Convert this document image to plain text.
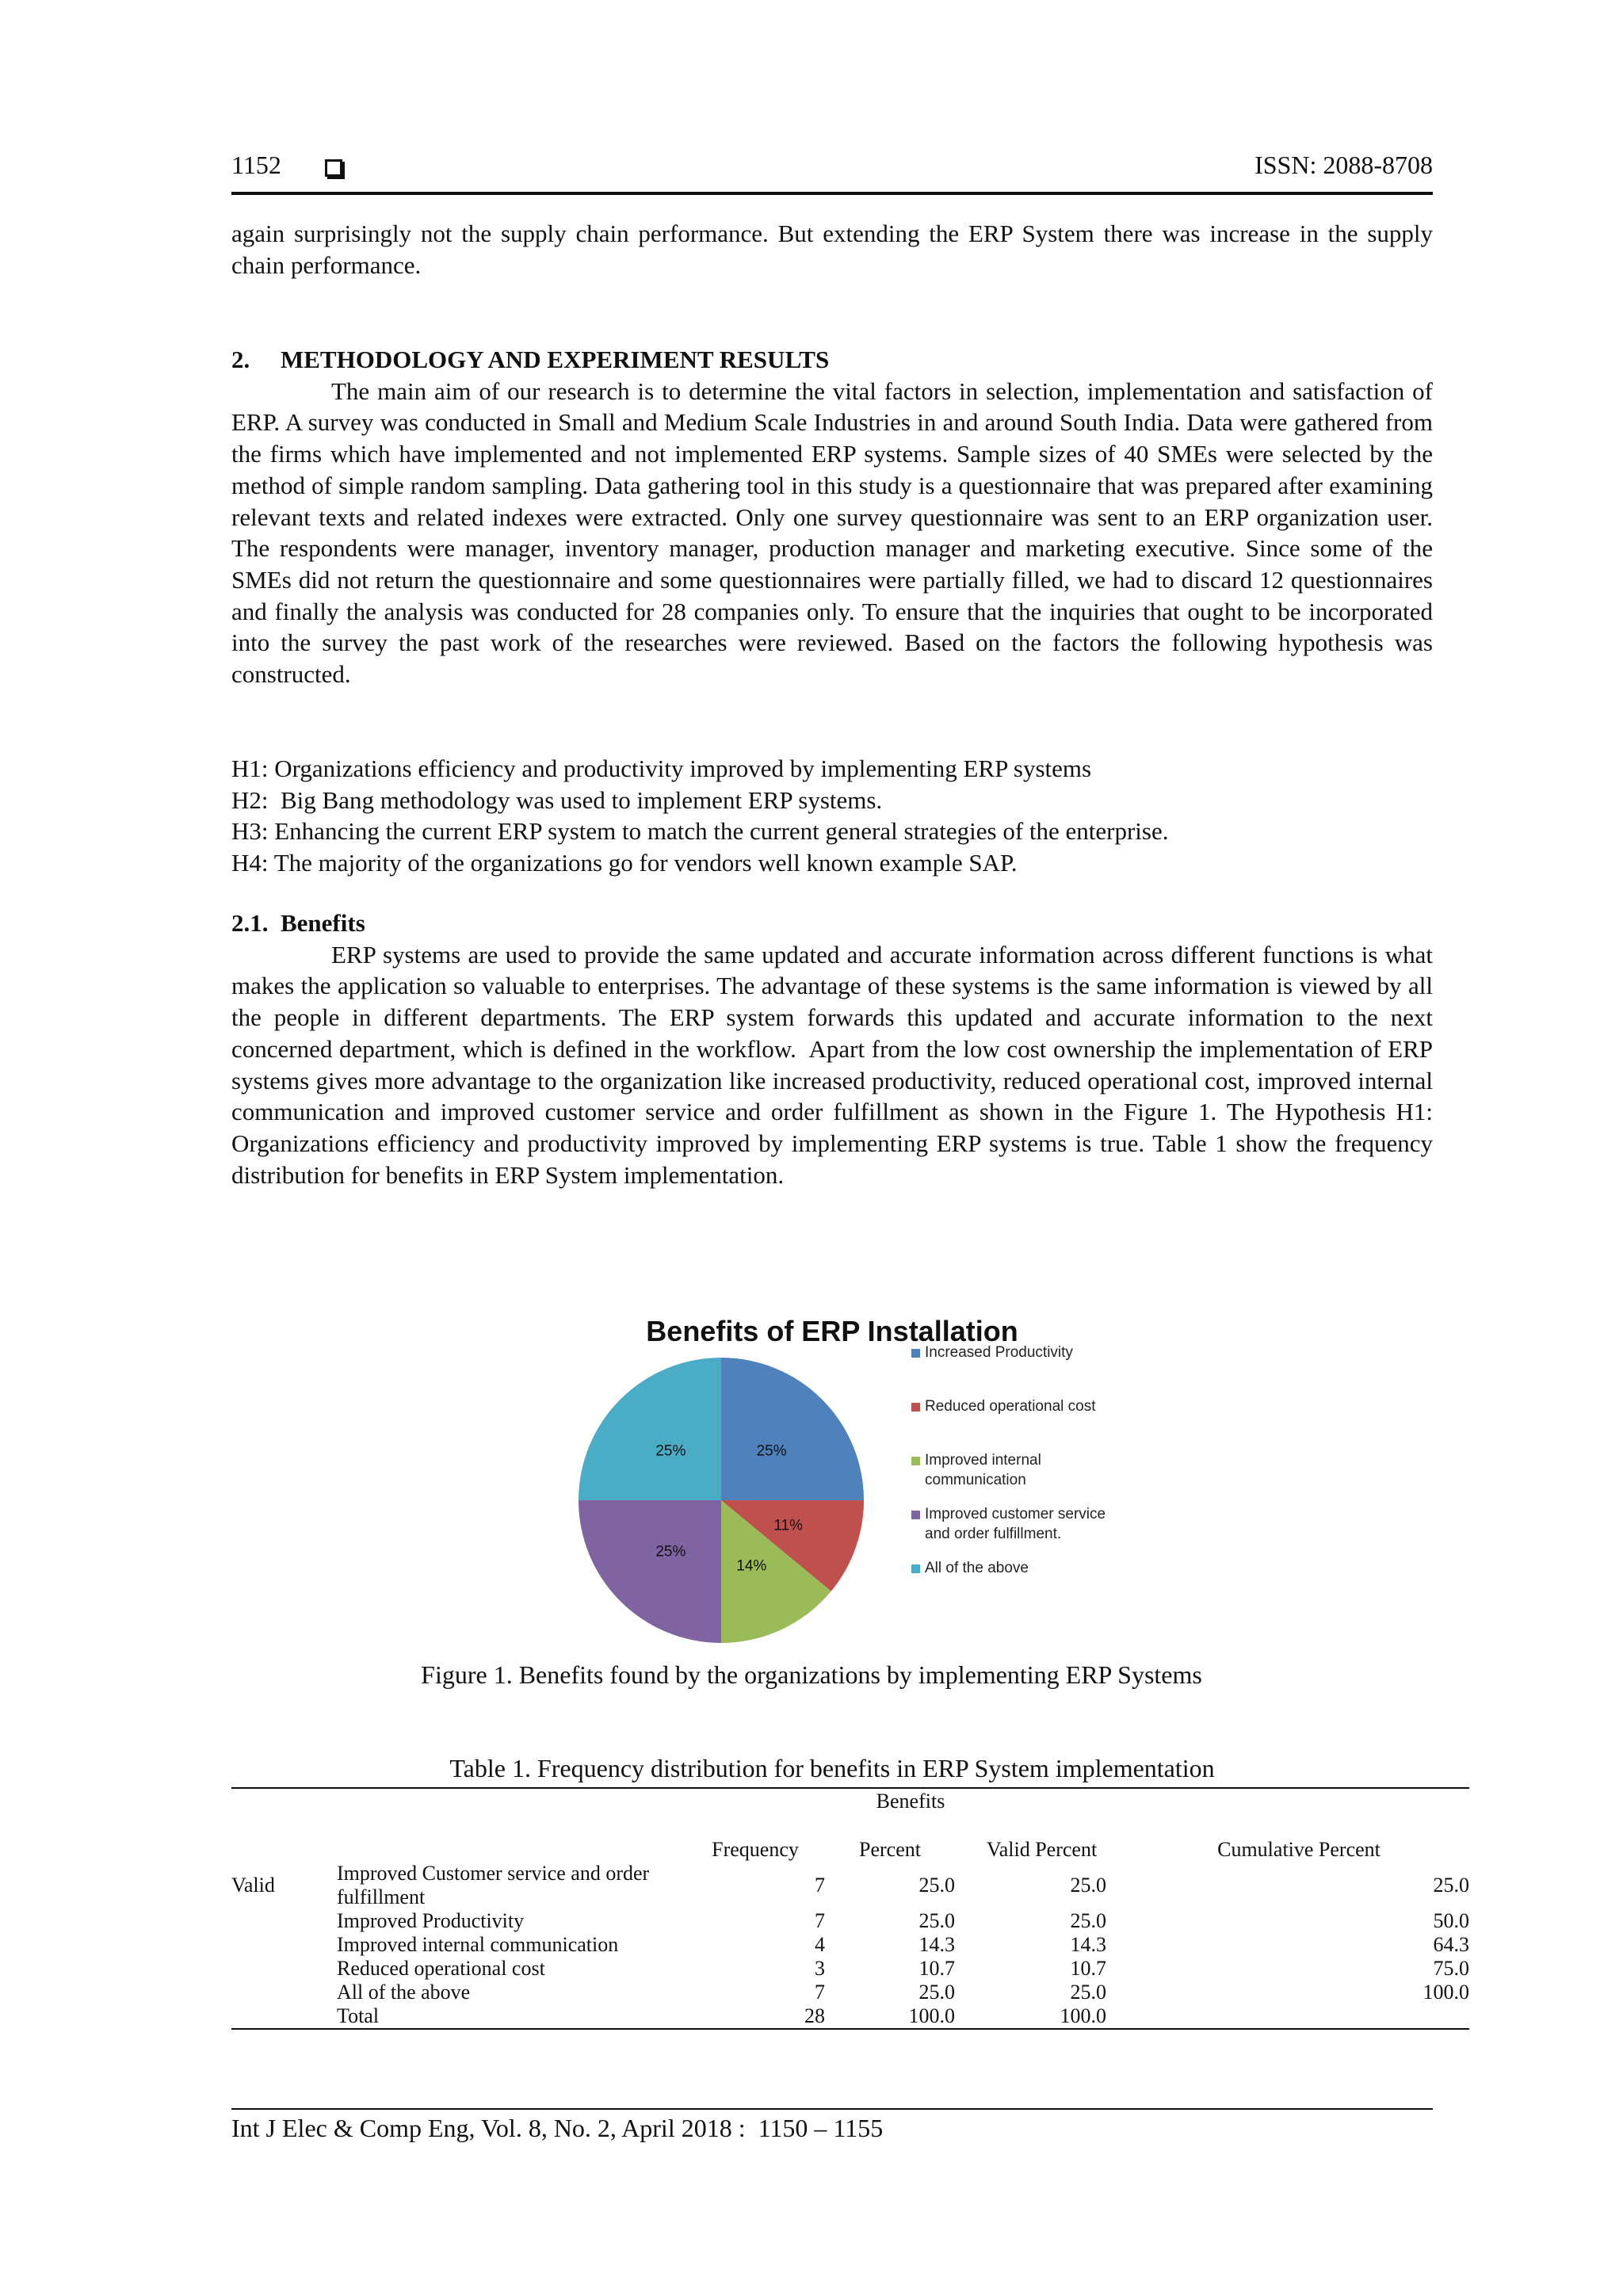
1152	ISSN: 2088-8708

again surprisingly not the supply chain performance. But extending the ERP System there was increase in the supply chain performance.

2.     METHODOLOGY AND EXPERIMENT RESULTS

The main aim of our research is to determine the vital factors in selection, implementation and satisfaction of ERP. A survey was conducted in Small and Medium Scale Industries in and around South India. Data were gathered from the firms which have implemented and not implemented ERP systems. Sample sizes of 40 SMEs were selected by the method of simple random sampling. Data gathering tool in this study is a questionnaire that was prepared after examining relevant texts and related indexes were extracted. Only one survey questionnaire was sent to an ERP organization user. The respondents were manager, inventory manager, production manager and marketing executive. Since some of the SMEs did not return the questionnaire and some questionnaires were partially filled, we had to discard 12 questionnaires and finally the analysis was conducted for 28 companies only. To ensure that the inquiries that ought to be incorporated into the survey the past work of the researches were reviewed. Based on the factors the following hypothesis was constructed.

H1: Organizations efficiency and productivity improved by implementing ERP systems

H2:  Big Bang methodology was used to implement ERP systems.

H3: Enhancing the current ERP system to match the current general strategies of the enterprise.

H4: The majority of the organizations go for vendors well known example SAP.

2.1.  Benefits

ERP systems are used to provide the same updated and accurate information across different functions is what makes the application so valuable to enterprises. The advantage of these systems is the same information is viewed by all the people in different departments. The ERP system forwards this updated and accurate information to the next concerned department, which is defined in the workflow.  Apart from the low cost ownership the implementation of ERP systems gives more advantage to the organization like increased productivity, reduced operational cost, improved internal communication and improved customer service and order fulfillment as shown in the Figure 1. The Hypothesis H1: Organizations efficiency and productivity improved by implementing ERP systems is true. Table 1 show the frequency distribution for benefits in ERP System implementation.

Benefits of ERP Installation
25%
11%
14%
25%
25%
Increased Productivity
Reduced operational cost
Improved internal
communication
Improved customer service
and order fulfillment.
All of the above
Figure 1. Benefits found by the organizations by implementing ERP Systems
Table 1. Frequency distribution for benefits in ERP System implementation

		Benefits			

		Frequency	Percent	Valid Percent	Cumulative Percent
Valid	Improved Customer service and order fulfillment	7	25.0	25.0	25.0
	Improved Productivity	7	25.0	25.0	50.0
	Improved internal communication	4	14.3	14.3	64.3
	Reduced operational cost	3	10.7	10.7	75.0
	All of the above	7	25.0	25.0	100.0
	Total	28	100.0	100.0	
Int J Elec & Comp Eng, Vol. 8, No. 2, April 2018 :  1150 – 1155
